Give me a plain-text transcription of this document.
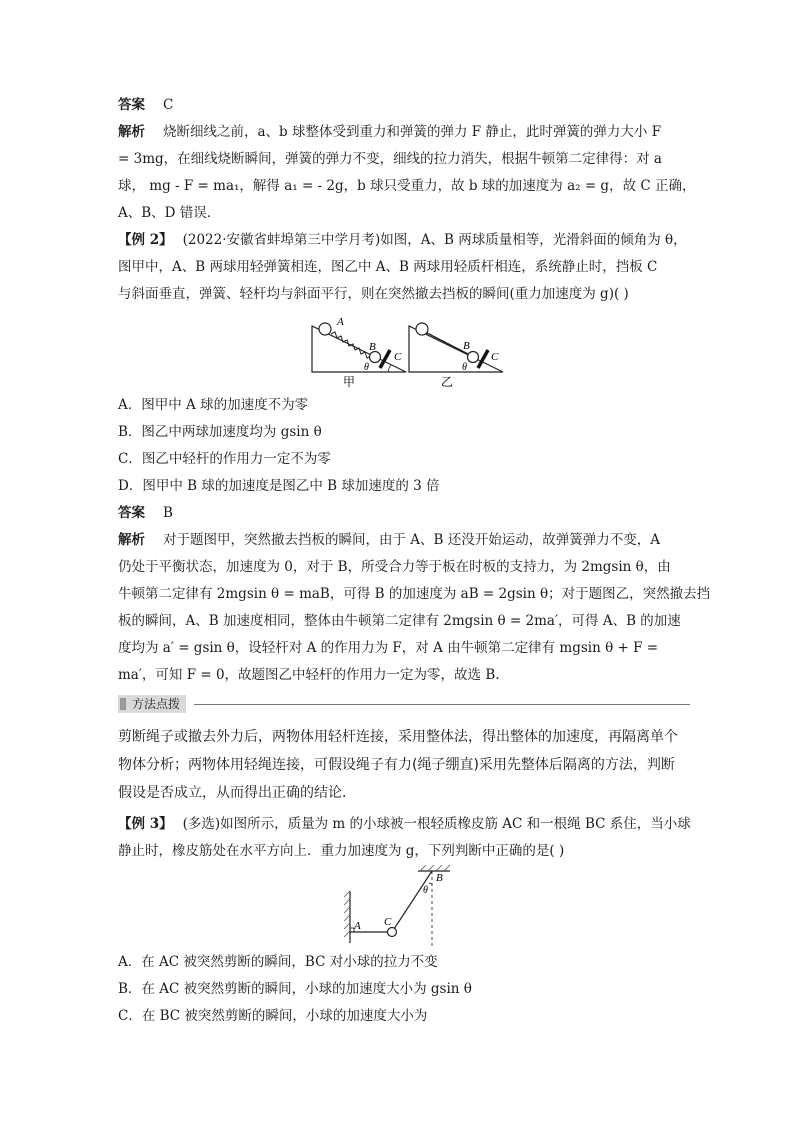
答案 C
解析 烧断细线之前，a、b 球整体受到重力和弹簧的弹力 F 静止，此时弹簧的弹力大小 F
= 3mg，在细线烧断瞬间，弹簧的弹力不变，细线的拉力消失，根据牛顿第二定律得：对 a
球， mg - F = ma₁，解得 a₁ = - 2g，b 球只受重力，故 b 球的加速度为 a₂ = g，故 C 正确，
A、B、D 错误．
【例 2】 (2022·安徽省蚌埠第三中学月考)如图，A、B 两球质量相等，光滑斜面的倾角为 θ，
图甲中，A、B 两球用轻弹簧相连，图乙中 A、B 两球用轻质杆相连，系统静止时，挡板 C
与斜面垂直，弹簧、轻杆均与斜面平行，则在突然撤去挡板的瞬间(重力加速度为 g)( )
A
B
C
θ
甲
B
C
θ
乙
A．图甲中 A 球的加速度不为零
B．图乙中两球加速度均为 gsin θ
C．图乙中轻杆的作用力一定不为零
D．图甲中 B 球的加速度是图乙中 B 球加速度的 3 倍
答案 B
解析 对于题图甲，突然撤去挡板的瞬间，由于 A、B 还没开始运动，故弹簧弹力不变，A
仍处于平衡状态，加速度为 0，对于 B，所受合力等于板在时板的支持力，为 2mgsin θ，由
牛顿第二定律有 2mgsin θ = maB，可得 B 的加速度为 aB = 2gsin θ；对于题图乙，突然撤去挡
板的瞬间，A、B 加速度相同，整体由牛顿第二定律有 2mgsin θ = 2ma′，可得 A、B 的加速
度均为 a′ = gsin θ，设轻杆对 A 的作用力为 F，对 A 由牛顿第二定律有 mgsin θ + F =
ma′，可知 F = 0，故题图乙中轻杆的作用力一定为零，故选 B.
方法点拨
剪断绳子或撤去外力后，两物体用轻杆连接，采用整体法，得出整体的加速度，再隔离单个
物体分析；两物体用轻绳连接，可假设绳子有力(绳子绷直)采用先整体后隔离的方法，判断
假设是否成立，从而得出正确的结论．
【例 3】 (多选)如图所示，质量为 m 的小球被一根轻质橡皮筋 AC 和一根绳 BC 系住，当小球
静止时，橡皮筋处在水平方向上．重力加速度为 g，下列判断中正确的是( )
A
B
C
θ
A．在 AC 被突然剪断的瞬间，BC 对小球的拉力不变
B．在 AC 被突然剪断的瞬间，小球的加速度大小为 gsin θ
C．在 BC 被突然剪断的瞬间，小球的加速度大小为
